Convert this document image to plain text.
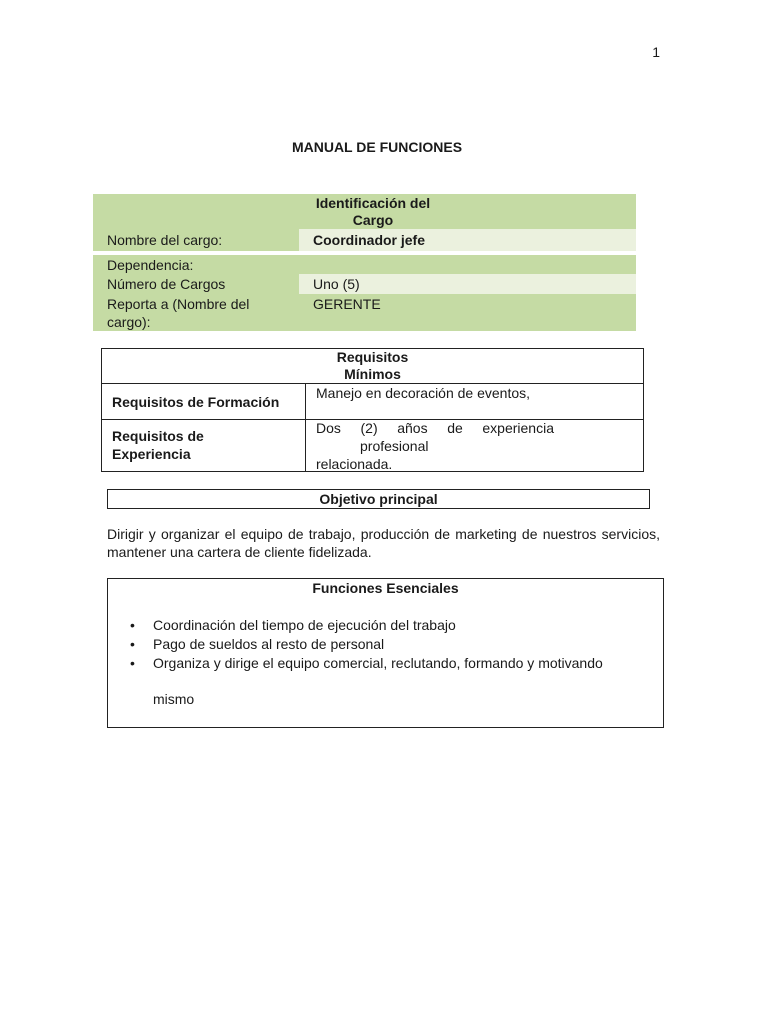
1
MANUAL DE FUNCIONES
Identificación del
Cargo
Nombre del cargo:	Coordinador jefe
Dependencia:
Número de Cargos	Uno (5)
Reporta a (Nombre del
cargo):
GERENTE
Requisitos
Mínimos
Requisitos de Formación
Manejo en decoración de eventos,
Requisitos de
Experiencia
Dos (2) años de experiencia
profesional
relacionada.
Objetivo principal
Dirigir y organizar el equipo de trabajo, producción de marketing de nuestros servicios, mantener una cartera de cliente fidelizada.
Funciones Esenciales
• Coordinación del tiempo de ejecución del trabajo
• Pago de sueldos al resto de personal
• Organiza y dirige el equipo comercial, reclutando, formando y motivando
mismo
